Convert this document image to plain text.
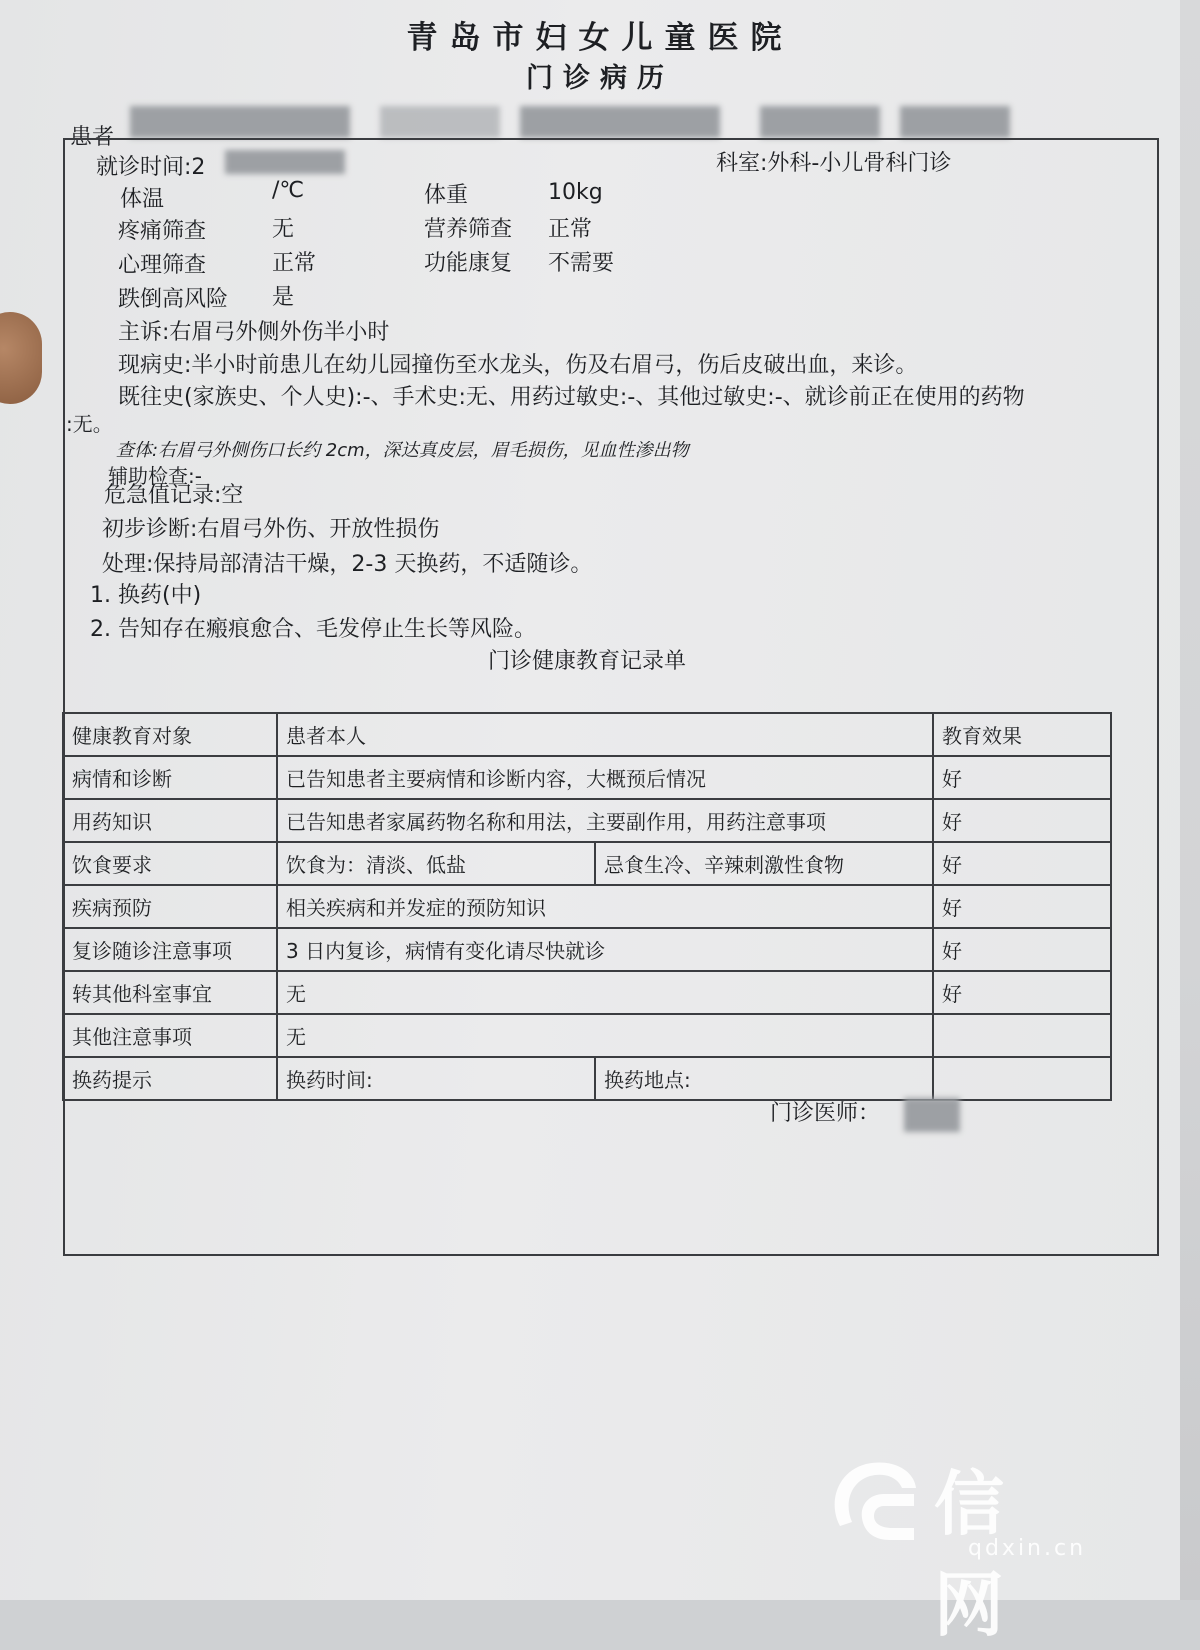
青岛市妇女儿童医院
门诊病历
患者
就诊时间:2	科室:外科-小儿骨科门诊
体温	/℃	体重	10kg
疼痛筛查	无	营养筛查 正常
心理筛查	正常	功能康复 不需要
跌倒高风险 是
主诉:右眉弓外侧外伤半小时
现病史:半小时前患儿在幼儿园撞伤至水龙头，伤及右眉弓，伤后皮破出血，来诊。
既往史(家族史、个人史):-、手术史:无、用药过敏史:-、其他过敏史:-、就诊前正在使用的药物
:无。
查体:右眉弓外侧伤口长约 2cm，深达真皮层，眉毛损伤，见血性渗出物
辅助检查:-
危急值记录:空
初步诊断:右眉弓外伤、开放性损伤
处理:保持局部清洁干燥，2-3 天换药，不适随诊。
1. 换药(中)
2. 告知存在瘢痕愈合、毛发停止生长等风险。
门诊健康教育记录单
健康教育对象	患者本人		教育效果
病情和诊断	已告知患者主要病情和诊断内容，大概预后情况		好
用药知识	已告知患者家属药物名称和用法，主要副作用，用药注意事项		好
饮食要求	饮食为：清淡、低盐	忌食生冷、辛辣刺激性食物	好
疾病预防	相关疾病和并发症的预防知识		好
复诊随诊注意事项	3 日内复诊，病情有变化请尽快就诊		好
转其他科室事宜	无		好
其他注意事项	无		
换药提示	换药时间:	换药地点:	
门诊医师：
信网
qdxin.cn
